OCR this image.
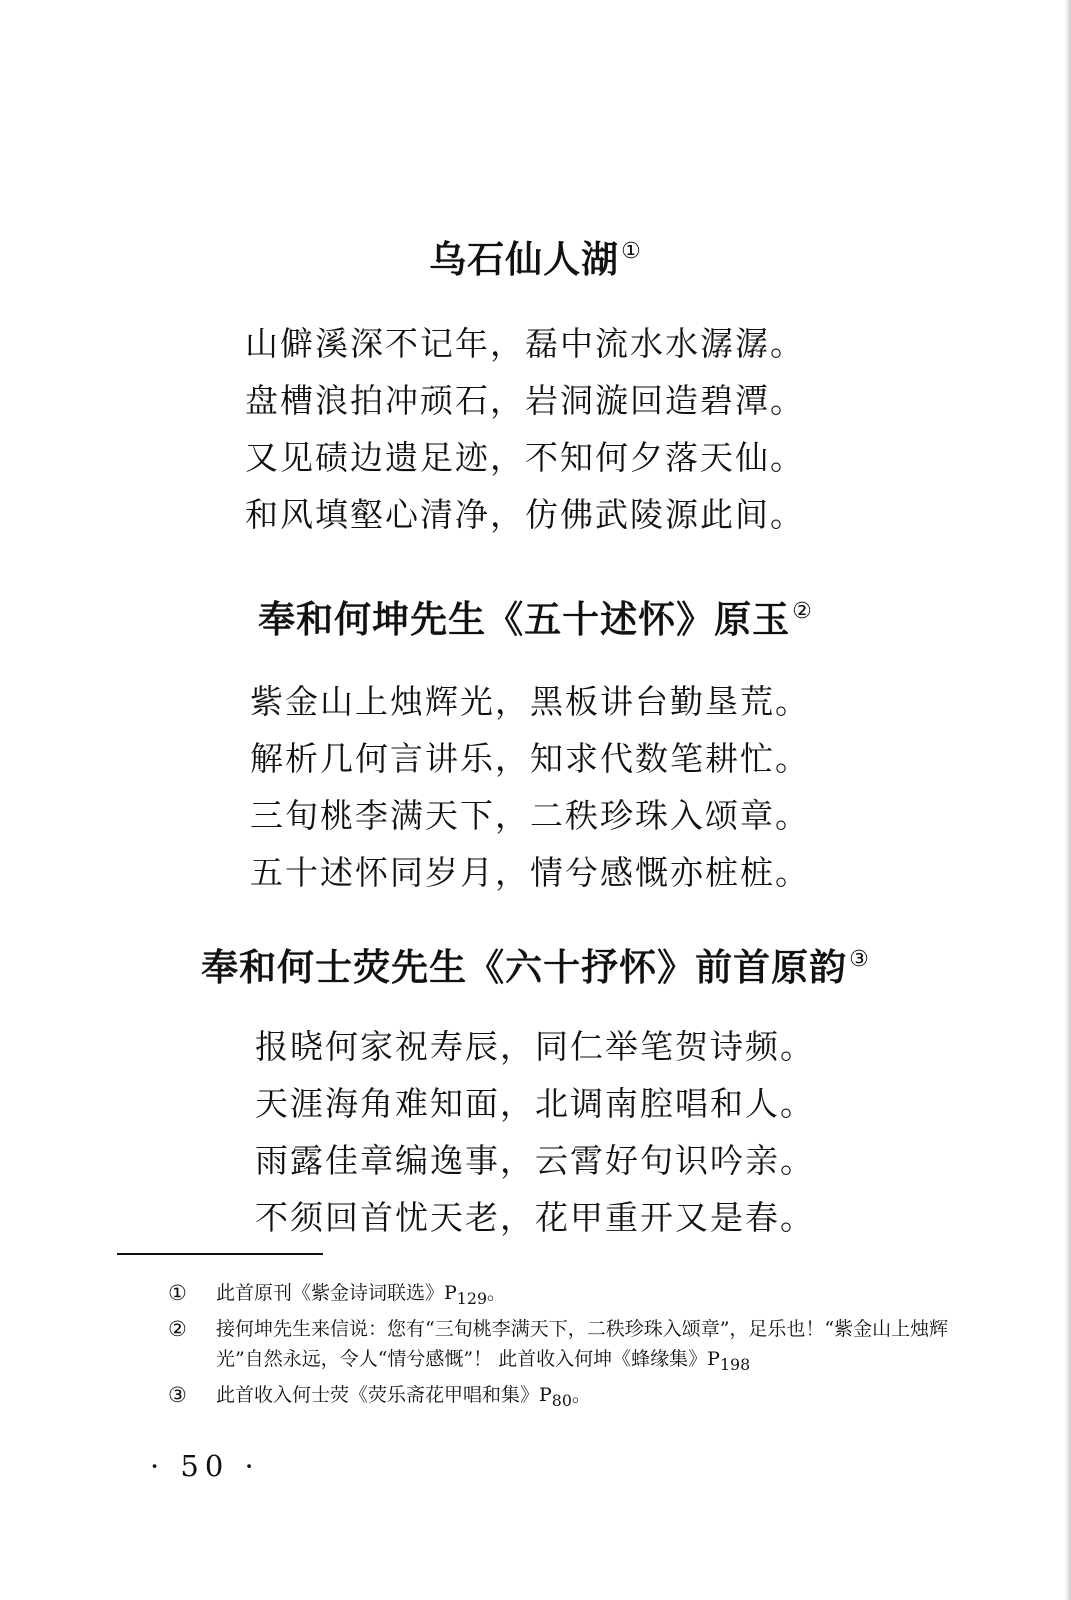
乌石仙人湖①
山僻溪深不记年，磊中流水水潺潺。
盘槽浪拍冲顽石，岩洞漩回造碧潭。
又见碛边遗足迹，不知何夕落天仙。
和风填壑心清净，仿佛武陵源此间。
奉和何坤先生《五十述怀》原玉②
紫金山上烛辉光，黑板讲台勤垦荒。
解析几何言讲乐，知求代数笔耕忙。
三旬桃李满天下，二秩珍珠入颂章。
五十述怀同岁月，情兮感慨亦桩桩。
奉和何士荧先生《六十抒怀》前首原韵③
报晓何家祝寿辰，同仁举笔贺诗频。
天涯海角难知面，北调南腔唱和人。
雨露佳章编逸事，云霄好句识吟亲。
不须回首忧天老，花甲重开又是春。
① 此首原刊《紫金诗词联选》$P_{129}$。
② 接何坤先生来信说：您有“三旬桃李满天下，二秩珍珠入颂章”，足乐也！“紫金山上烛辉光”自然永远，令人“情兮感慨”！ 此首收入何坤《蜂缘集》$P_{198}$
③ 此首收入何士荧《荧乐斋花甲唱和集》$P_{80}$。
· 50 ·
